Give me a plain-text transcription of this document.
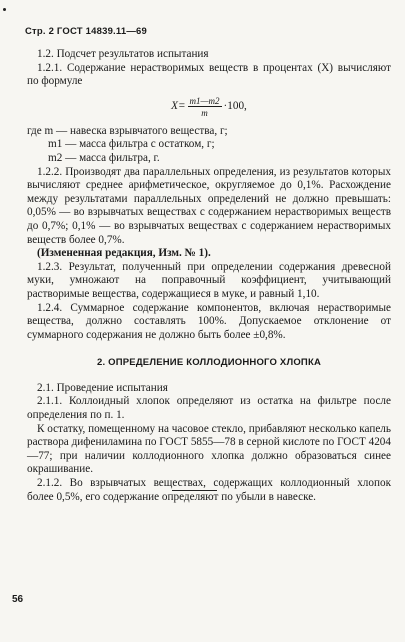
Стр. 2 ГОСТ 14839.11—69

1.2. Подсчет результатов испытания

1.2.1. Содержание нерастворимых веществ в процентах (X) вычисляют по формуле

$X= \frac{m1—m2}{m} \cdot 100$,

где m — навеска взрывчатого вещества, г;

m1 — масса фильтра с остатком, г;

m2 — масса фильтра, г.

1.2.2. Производят два параллельных определения, из результатов которых вычисляют среднее арифметическое, округляемое до 0,1%. Расхождение между результатами параллельных определений не должно превышать: 0,05% — во взрывчатых веществах с содержанием нерастворимых веществ до 0,7%; 0,1% — во взрывчатых веществах с содержанием нерастворимых веществ более 0,7%.

(Измененная редакция, Изм. № 1).

1.2.3. Результат, полученный при определении содержания древесной муки, умножают на поправочный коэффициент, учитывающий растворимые вещества, содержащиеся в муке, и равный 1,10.

1.2.4. Суммарное содержание компонентов, включая нерастворимые вещества, должно составлять 100%. Допускаемое отклонение от суммарного содержания не должно быть более ±0,8%.

2. ОПРЕДЕЛЕНИЕ КОЛЛОДИОННОГО ХЛОПКА

2.1. Проведение испытания

2.1.1. Коллоидный хлопок определяют из остатка на фильтре после определения по п. 1.

К остатку, помещенному на часовое стекло, прибавляют несколько капель раствора дифениламина по ГОСТ 5855—78 в серной кислоте по ГОСТ 4204—77; при наличии коллодионного хлопка должно образоваться синее окрашивание.

2.1.2. Во взрывчатых веществах, содержащих коллодионный хлопок более 0,5%, его содержание определяют по убыли в навеске.

56
